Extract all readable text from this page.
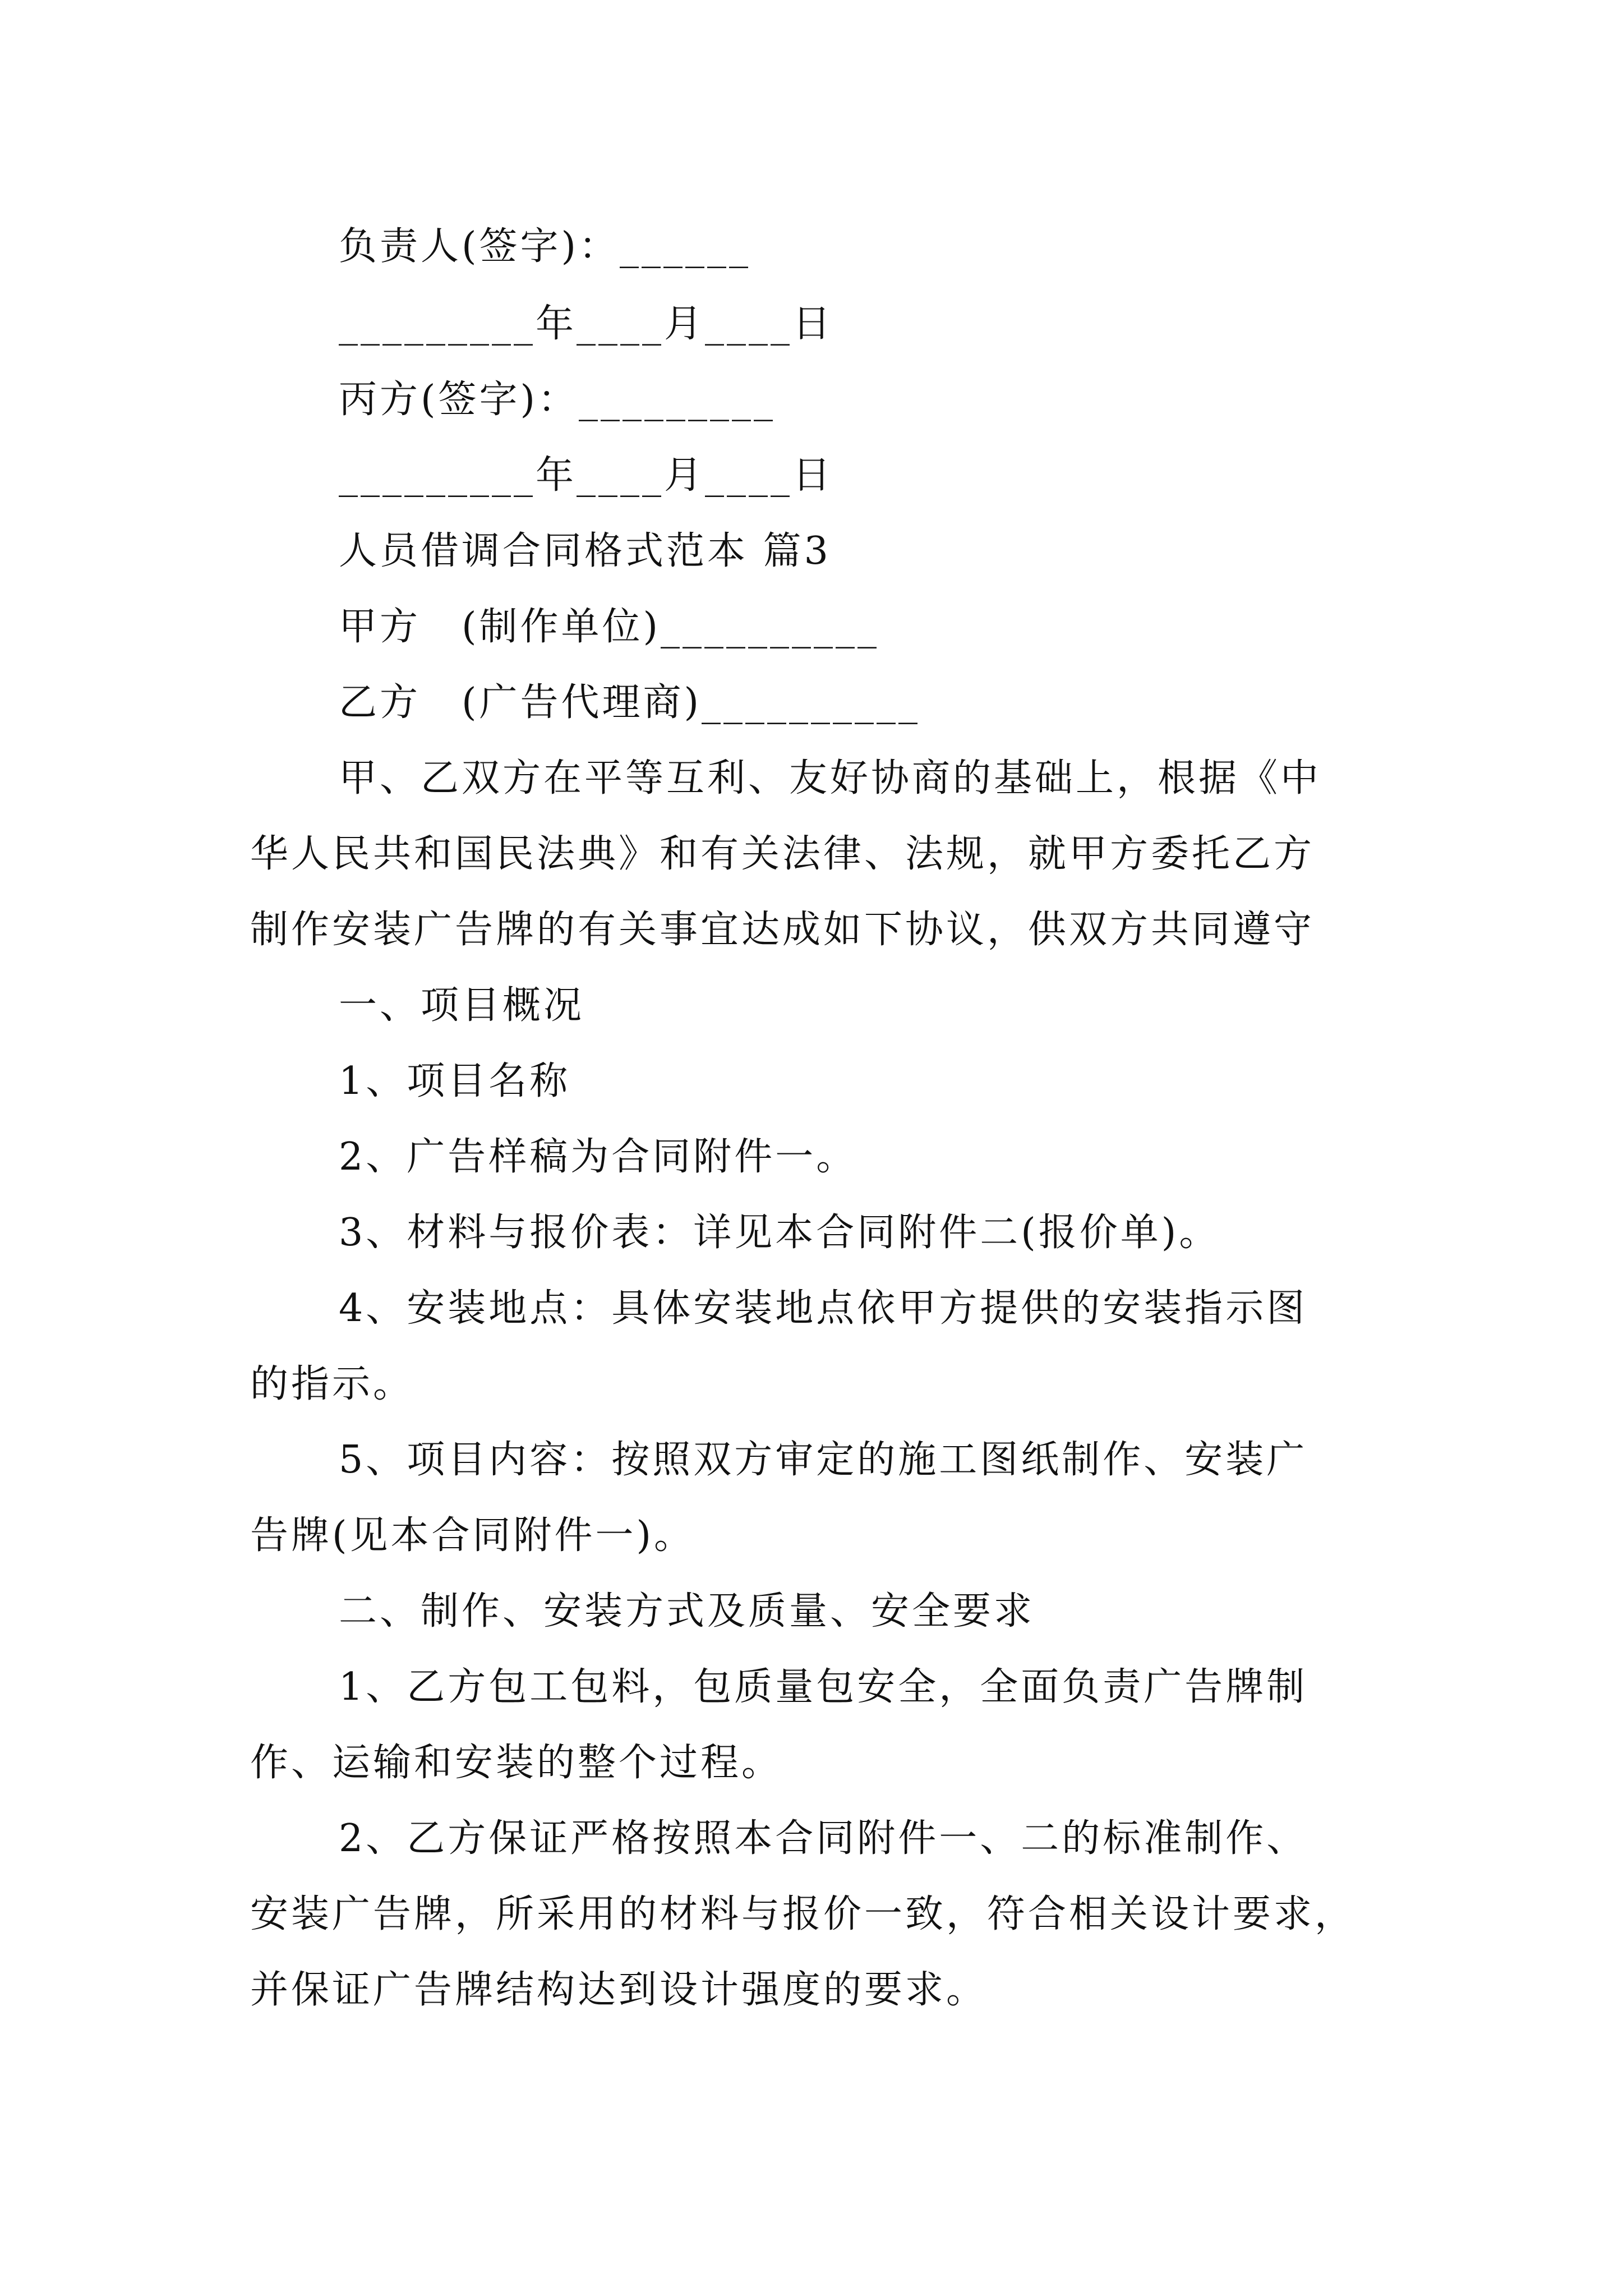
负责人(签字)：______
_________年____月____日
丙方(签字)：_________
_________年____月____日
人员借调合同格式范本 篇3
甲方　(制作单位)__________
乙方　(广告代理商)__________
甲、乙双方在平等互利、友好协商的基础上，根据《中
华人民共和国民法典》和有关法律、法规，就甲方委托乙方
制作安装广告牌的有关事宜达成如下协议，供双方共同遵守
一、项目概况
1、项目名称
2、广告样稿为合同附件一。
3、材料与报价表：详见本合同附件二(报价单)。
4、安装地点：具体安装地点依甲方提供的安装指示图
的指示。
5、项目内容：按照双方审定的施工图纸制作、安装广
告牌(见本合同附件一)。
二、制作、安装方式及质量、安全要求
1、乙方包工包料，包质量包安全，全面负责广告牌制
作、运输和安装的整个过程。
2、乙方保证严格按照本合同附件一、二的标准制作、
安装广告牌，所采用的材料与报价一致，符合相关设计要求，
并保证广告牌结构达到设计强度的要求。
